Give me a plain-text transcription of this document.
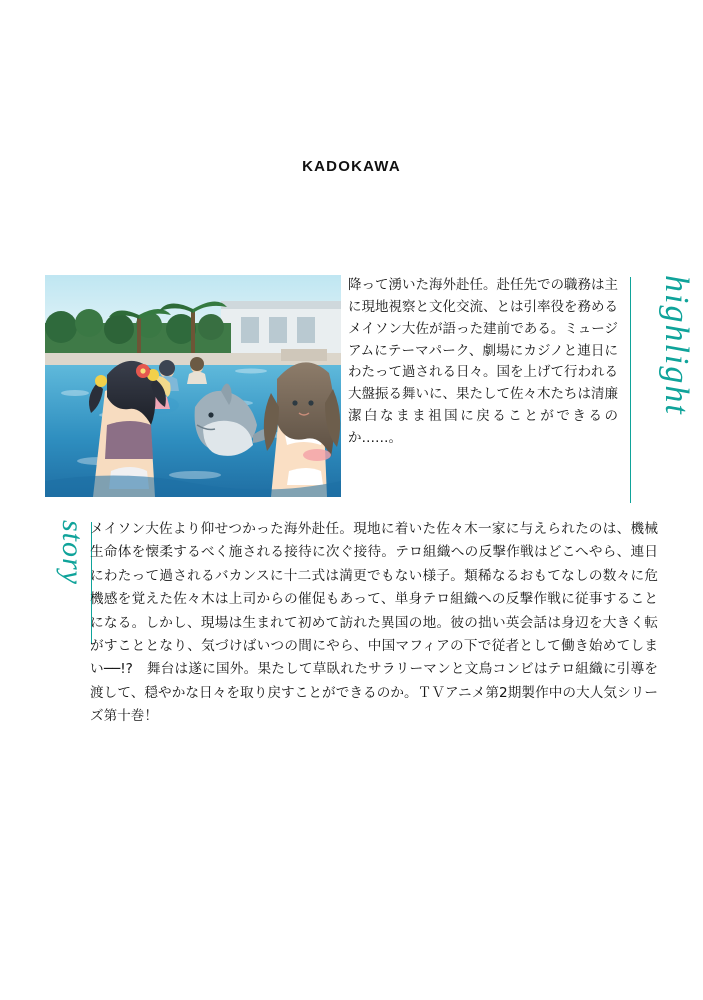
KADOKAWA
降って湧いた海外赴任。赴任先での職務は主に現地視察と文化交流、とは引率役を務めるメイソン大佐が語った建前である。ミュージアムにテーマパーク、劇場にカジノと連日にわたって過される日々。国を上げて行われる大盤振る舞いに、果たして佐々木たちは清廉潔白なまま祖国に戻ることができるのか……。
highlight
story メイソン大佐より仰せつかった海外赴任。現地に着いた佐々木一家に与えられたのは、機械生命体を懐柔するべく施される接待に次ぐ接待。テロ組織への反撃作戦はどこへやら、連日にわたって過されるバカンスに十二式は満更でもない様子。類稀なるおもてなしの数々に危機感を覚えた佐々木は上司からの催促もあって、単身テロ組織への反撃作戦に従事することになる。しかし、現場は生まれて初めて訪れた異国の地。彼の拙い英会話は身辺を大きく転がすこととなり、気づけばいつの間にやら、中国マフィアの下で従者として働き始めてしまい──!?　舞台は遂に国外。果たして草臥れたサラリーマンと文鳥コンビはテロ組織に引導を渡して、穏やかな日々を取り戻すことができるのか。ＴＶアニメ第2期製作中の大人気シリーズ第十巻！
